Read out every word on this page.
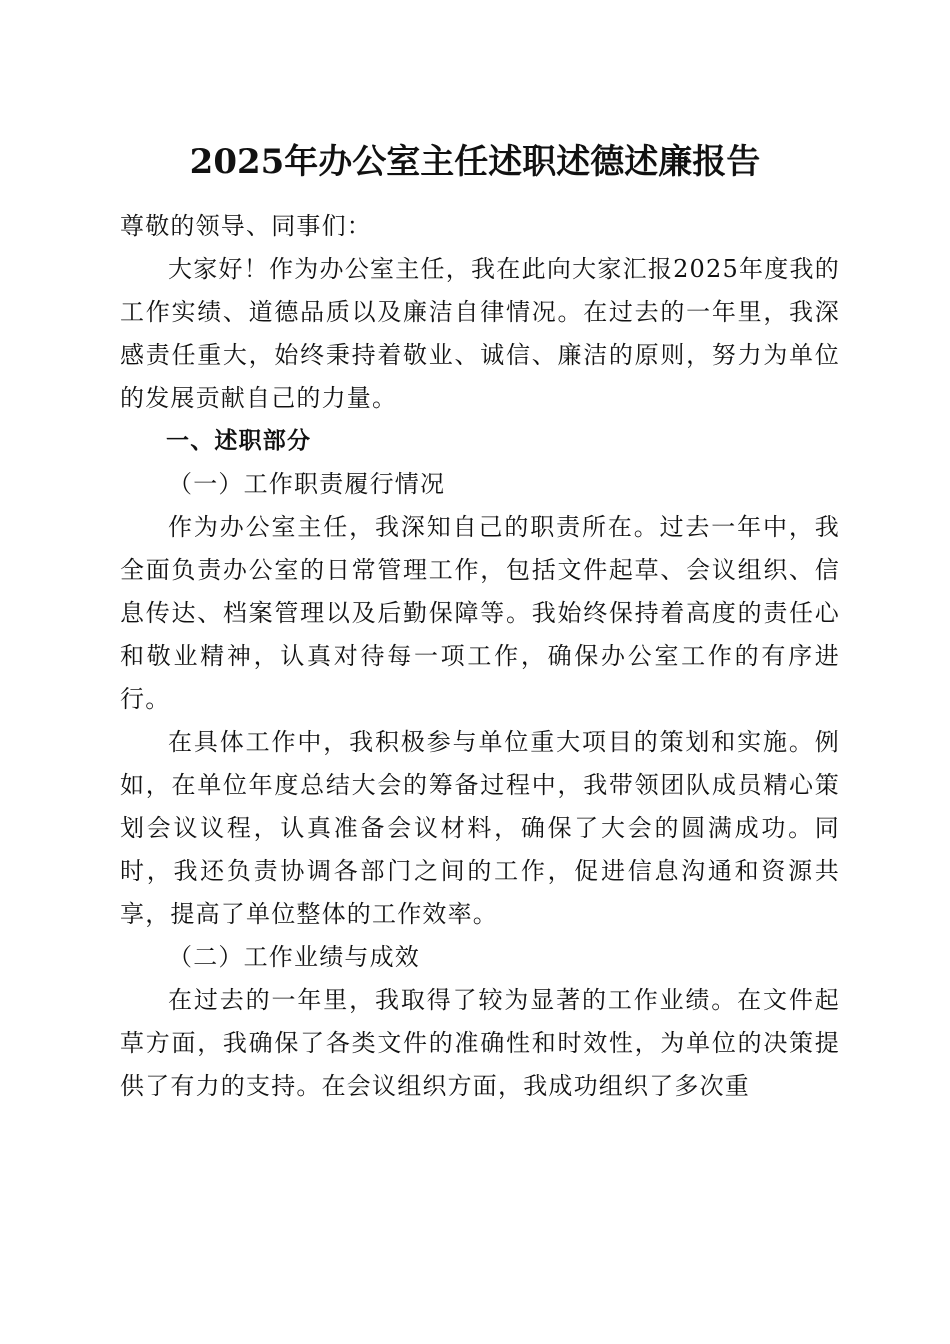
2025年办公室主任述职述德述廉报告

尊敬的领导、同事们：

大家好！作为办公室主任，我在此向大家汇报2025年度我的工作实绩、道德品质以及廉洁自律情况。在过去的一年里，我深感责任重大，始终秉持着敬业、诚信、廉洁的原则，努力为单位的发展贡献自己的力量。

一、述职部分

（一）工作职责履行情况

作为办公室主任，我深知自己的职责所在。过去一年中，我全面负责办公室的日常管理工作，包括文件起草、会议组织、信息传达、档案管理以及后勤保障等。我始终保持着高度的责任心和敬业精神，认真对待每一项工作，确保办公室工作的有序进行。

在具体工作中，我积极参与单位重大项目的策划和实施。例如，在单位年度总结大会的筹备过程中，我带领团队成员精心策划会议议程，认真准备会议材料，确保了大会的圆满成功。同时，我还负责协调各部门之间的工作，促进信息沟通和资源共享，提高了单位整体的工作效率。

（二）工作业绩与成效

在过去的一年里，我取得了较为显著的工作业绩。在文件起草方面，我确保了各类文件的准确性和时效性，为单位的决策提供了有力的支持。在会议组织方面，我成功组织了多次重
